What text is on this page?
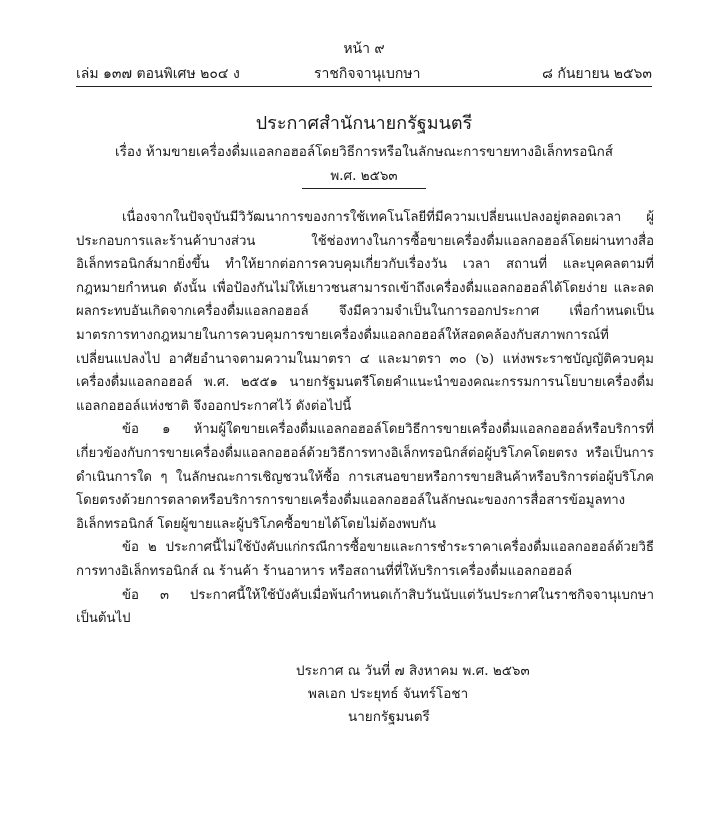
หน้า ๙
เล่ม ๑๓๗ ตอนพิเศษ ๒๐๔ ง	ราชกิจจานุเบกษา	๘ กันยายน ๒๕๖๓
ประกาศสำนักนายกรัฐมนตรี
เรื่อง ห้ามขายเครื่องดื่มแอลกอฮอล์โดยวิธีการหรือในลักษณะการขายทางอิเล็กทรอนิกส์
พ.ศ. ๒๕๖๓

เนื่องจากในปัจจุบันมีวิวัฒนาการของการใช้เทคโนโลยีที่มีความเปลี่ยนแปลงอยู่ตลอดเวลา ผู้ประกอบการและร้านค้าบางส่วน ใช้ช่องทางในการซื้อขายเครื่องดื่มแอลกอฮอล์โดยผ่านทางสื่ออิเล็กทรอนิกส์มากยิ่งขึ้น ทำให้ยากต่อการควบคุมเกี่ยวกับเรื่องวัน เวลา สถานที่ และบุคคลตามที่กฎหมายกำหนด ดังนั้น เพื่อป้องกันไม่ให้เยาวชนสามารถเข้าถึงเครื่องดื่มแอลกอฮอล์ได้โดยง่าย และลดผลกระทบอันเกิดจากเครื่องดื่มแอลกอฮอล์ จึงมีความจำเป็นในการออกประกาศ เพื่อกำหนดเป็นมาตรการทางกฎหมายในการควบคุมการขายเครื่องดื่มแอลกอฮอล์ให้สอดคล้องกับสภาพการณ์ที่เปลี่ยนแปลงไป อาศัยอำนาจตามความในมาตรา ๔ และมาตรา ๓๐ (๖) แห่งพระราชบัญญัติควบคุมเครื่องดื่มแอลกอฮอล์ พ.ศ. ๒๕๕๑ นายกรัฐมนตรีโดยคำแนะนำของคณะกรรมการนโยบายเครื่องดื่มแอลกอฮอล์แห่งชาติ จึงออกประกาศไว้ ดังต่อไปนี้

ข้อ ๑ ห้ามผู้ใดขายเครื่องดื่มแอลกอฮอล์โดยวิธีการขายเครื่องดื่มแอลกอฮอล์หรือบริการที่เกี่ยวข้องกับการขายเครื่องดื่มแอลกอฮอล์ด้วยวิธีการทางอิเล็กทรอนิกส์ต่อผู้บริโภคโดยตรง หรือเป็นการดำเนินการใด ๆ ในลักษณะการเชิญชวนให้ซื้อ การเสนอขายหรือการขายสินค้าหรือบริการต่อผู้บริโภคโดยตรงด้วยการตลาดหรือบริการการขายเครื่องดื่มแอลกอฮอล์ในลักษณะของการสื่อสารข้อมูลทางอิเล็กทรอนิกส์ โดยผู้ขายและผู้บริโภคซื้อขายได้โดยไม่ต้องพบกัน

ข้อ ๒ ประกาศนี้ไม่ใช้บังคับแก่กรณีการซื้อขายและการชำระราคาเครื่องดื่มแอลกอฮอล์ด้วยวิธีการทางอิเล็กทรอนิกส์ ณ ร้านค้า ร้านอาหาร หรือสถานที่ที่ให้บริการเครื่องดื่มแอลกอฮอล์

ข้อ ๓ ประกาศนี้ให้ใช้บังคับเมื่อพ้นกำหนดเก้าสิบวันนับแต่วันประกาศในราชกิจจานุเบกษาเป็นต้นไป

ประกาศ ณ วันที่ ๗ สิงหาคม พ.ศ. ๒๕๖๓
พลเอก ประยุทธ์ จันทร์โอชา
นายกรัฐมนตรี
